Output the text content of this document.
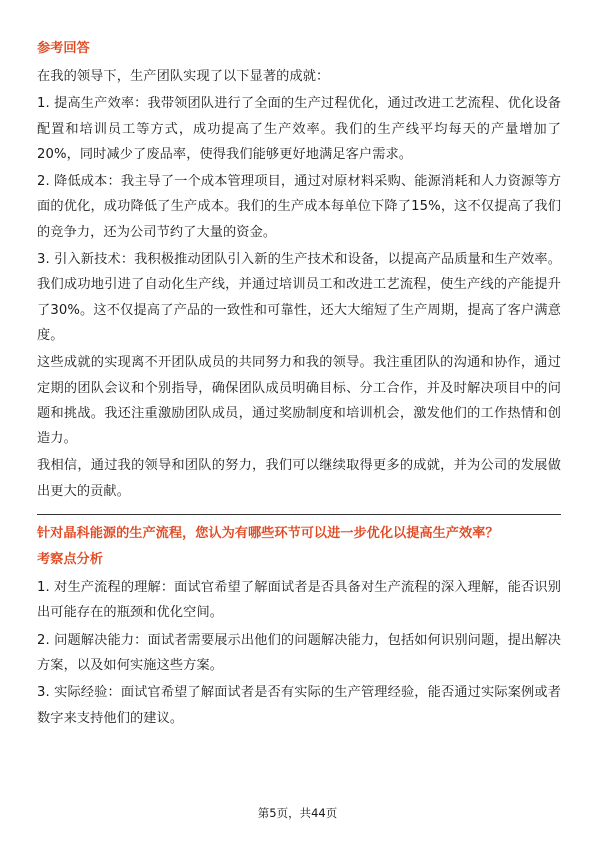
参考回答

在我的领导下，生产团队实现了以下显著的成就：

1. 提高生产效率：我带领团队进行了全面的生产过程优化，通过改进工艺流程、优化设备配置和培训员工等方式，成功提高了生产效率。我们的生产线平均每天的产量增加了20%，同时减少了废品率，使得我们能够更好地满足客户需求。

2. 降低成本：我主导了一个成本管理项目，通过对原材料采购、能源消耗和人力资源等方面的优化，成功降低了生产成本。我们的生产成本每单位下降了15%，这不仅提高了我们的竞争力，还为公司节约了大量的资金。

3. 引入新技术：我积极推动团队引入新的生产技术和设备，以提高产品质量和生产效率。我们成功地引进了自动化生产线，并通过培训员工和改进工艺流程，使生产线的产能提升了30%。这不仅提高了产品的一致性和可靠性，还大大缩短了生产周期，提高了客户满意度。

这些成就的实现离不开团队成员的共同努力和我的领导。我注重团队的沟通和协作，通过定期的团队会议和个别指导，确保团队成员明确目标、分工合作，并及时解决项目中的问题和挑战。我还注重激励团队成员，通过奖励制度和培训机会，激发他们的工作热情和创造力。

我相信，通过我的领导和团队的努力，我们可以继续取得更多的成就，并为公司的发展做出更大的贡献。

针对晶科能源的生产流程，您认为有哪些环节可以进一步优化以提高生产效率？
考察点分析

1. 对生产流程的理解：面试官希望了解面试者是否具备对生产流程的深入理解，能否识别出可能存在的瓶颈和优化空间。

2. 问题解决能力：面试者需要展示出他们的问题解决能力，包括如何识别问题，提出解决方案，以及如何实施这些方案。

3. 实际经验：面试官希望了解面试者是否有实际的生产管理经验，能否通过实际案例或者数字来支持他们的建议。

第5页，共44页
